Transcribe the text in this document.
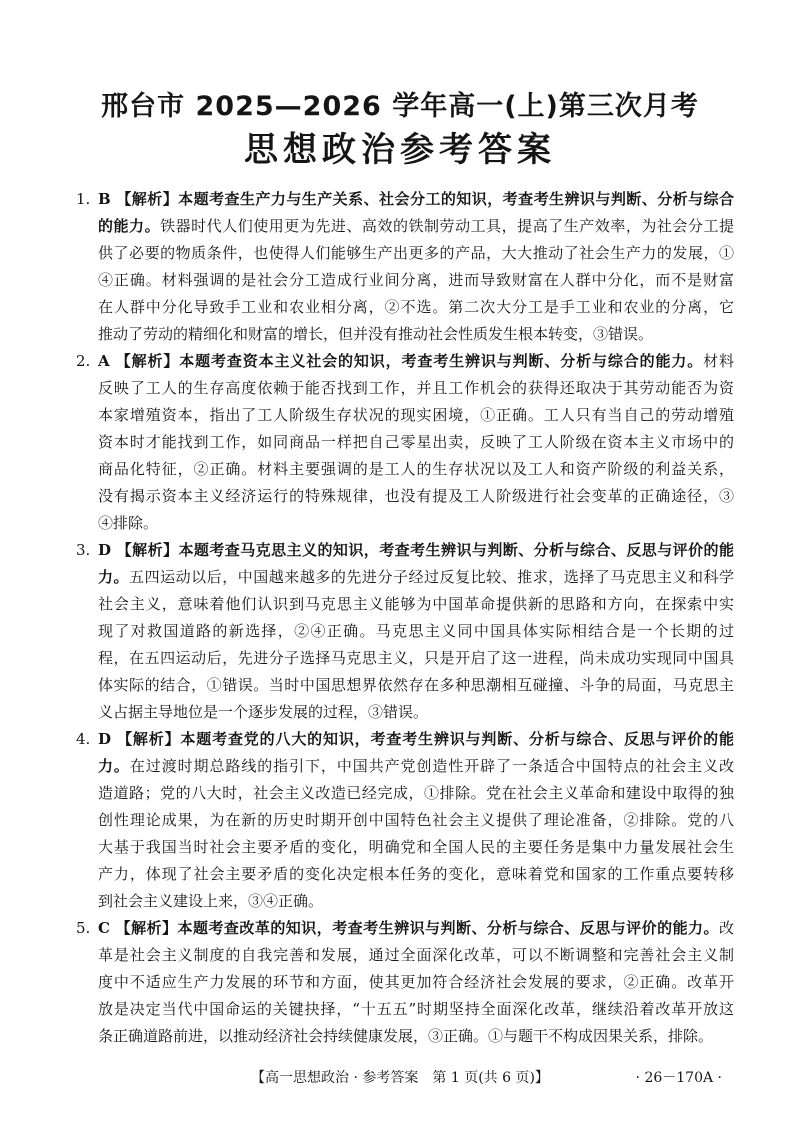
邢台市 2025—2026 学年高一(上)第三次月考
思想政治参考答案
1. B 【解析】本题考查生产力与生产关系、社会分工的知识，考查考生辨识与判断、分析与综合
的能力。铁器时代人们使用更为先进、高效的铁制劳动工具，提高了生产效率，为社会分工提
供了必要的物质条件，也使得人们能够生产出更多的产品，大大推动了社会生产力的发展，①
④正确。材料强调的是社会分工造成行业间分离，进而导致财富在人群中分化，而不是财富
在人群中分化导致手工业和农业相分离，②不选。第二次大分工是手工业和农业的分离，它
推动了劳动的精细化和财富的增长，但并没有推动社会性质发生根本转变，③错误。
2. A 【解析】本题考查资本主义社会的知识，考查考生辨识与判断、分析与综合的能力。材料
反映了工人的生存高度依赖于能否找到工作，并且工作机会的获得还取决于其劳动能否为资
本家增殖资本，指出了工人阶级生存状况的现实困境，①正确。工人只有当自己的劳动增殖
资本时才能找到工作，如同商品一样把自己零星出卖，反映了工人阶级在资本主义市场中的
商品化特征，②正确。材料主要强调的是工人的生存状况以及工人和资产阶级的利益关系，
没有揭示资本主义经济运行的特殊规律，也没有提及工人阶级进行社会变革的正确途径，③
④排除。
3. D 【解析】本题考查马克思主义的知识，考查考生辨识与判断、分析与综合、反思与评价的能
力。五四运动以后，中国越来越多的先进分子经过反复比较、推求，选择了马克思主义和科学
社会主义，意味着他们认识到马克思主义能够为中国革命提供新的思路和方向，在探索中实
现了对救国道路的新选择，②④正确。马克思主义同中国具体实际相结合是一个长期的过
程，在五四运动后，先进分子选择马克思主义，只是开启了这一进程，尚未成功实现同中国具
体实际的结合，①错误。当时中国思想界依然存在多种思潮相互碰撞、斗争的局面，马克思主
义占据主导地位是一个逐步发展的过程，③错误。
4. D 【解析】本题考查党的八大的知识，考查考生辨识与判断、分析与综合、反思与评价的能
力。在过渡时期总路线的指引下，中国共产党创造性开辟了一条适合中国特点的社会主义改
造道路；党的八大时，社会主义改造已经完成，①排除。党在社会主义革命和建设中取得的独
创性理论成果，为在新的历史时期开创中国特色社会主义提供了理论准备，②排除。党的八
大基于我国当时社会主要矛盾的变化，明确党和全国人民的主要任务是集中力量发展社会生
产力，体现了社会主要矛盾的变化决定根本任务的变化，意味着党和国家的工作重点要转移
到社会主义建设上来，③④正确。
5. C 【解析】本题考查改革的知识，考查考生辨识与判断、分析与综合、反思与评价的能力。改
革是社会主义制度的自我完善和发展，通过全面深化改革，可以不断调整和完善社会主义制
度中不适应生产力发展的环节和方面，使其更加符合经济社会发展的要求，②正确。改革开
放是决定当代中国命运的关键抉择，“十五五”时期坚持全面深化改革，继续沿着改革开放这
条正确道路前进，以推动经济社会持续健康发展，③正确。①与题干不构成因果关系，排除。
【高一思想政治 · 参考答案　第 1 页(共 6 页)】	· 26－170A ·
